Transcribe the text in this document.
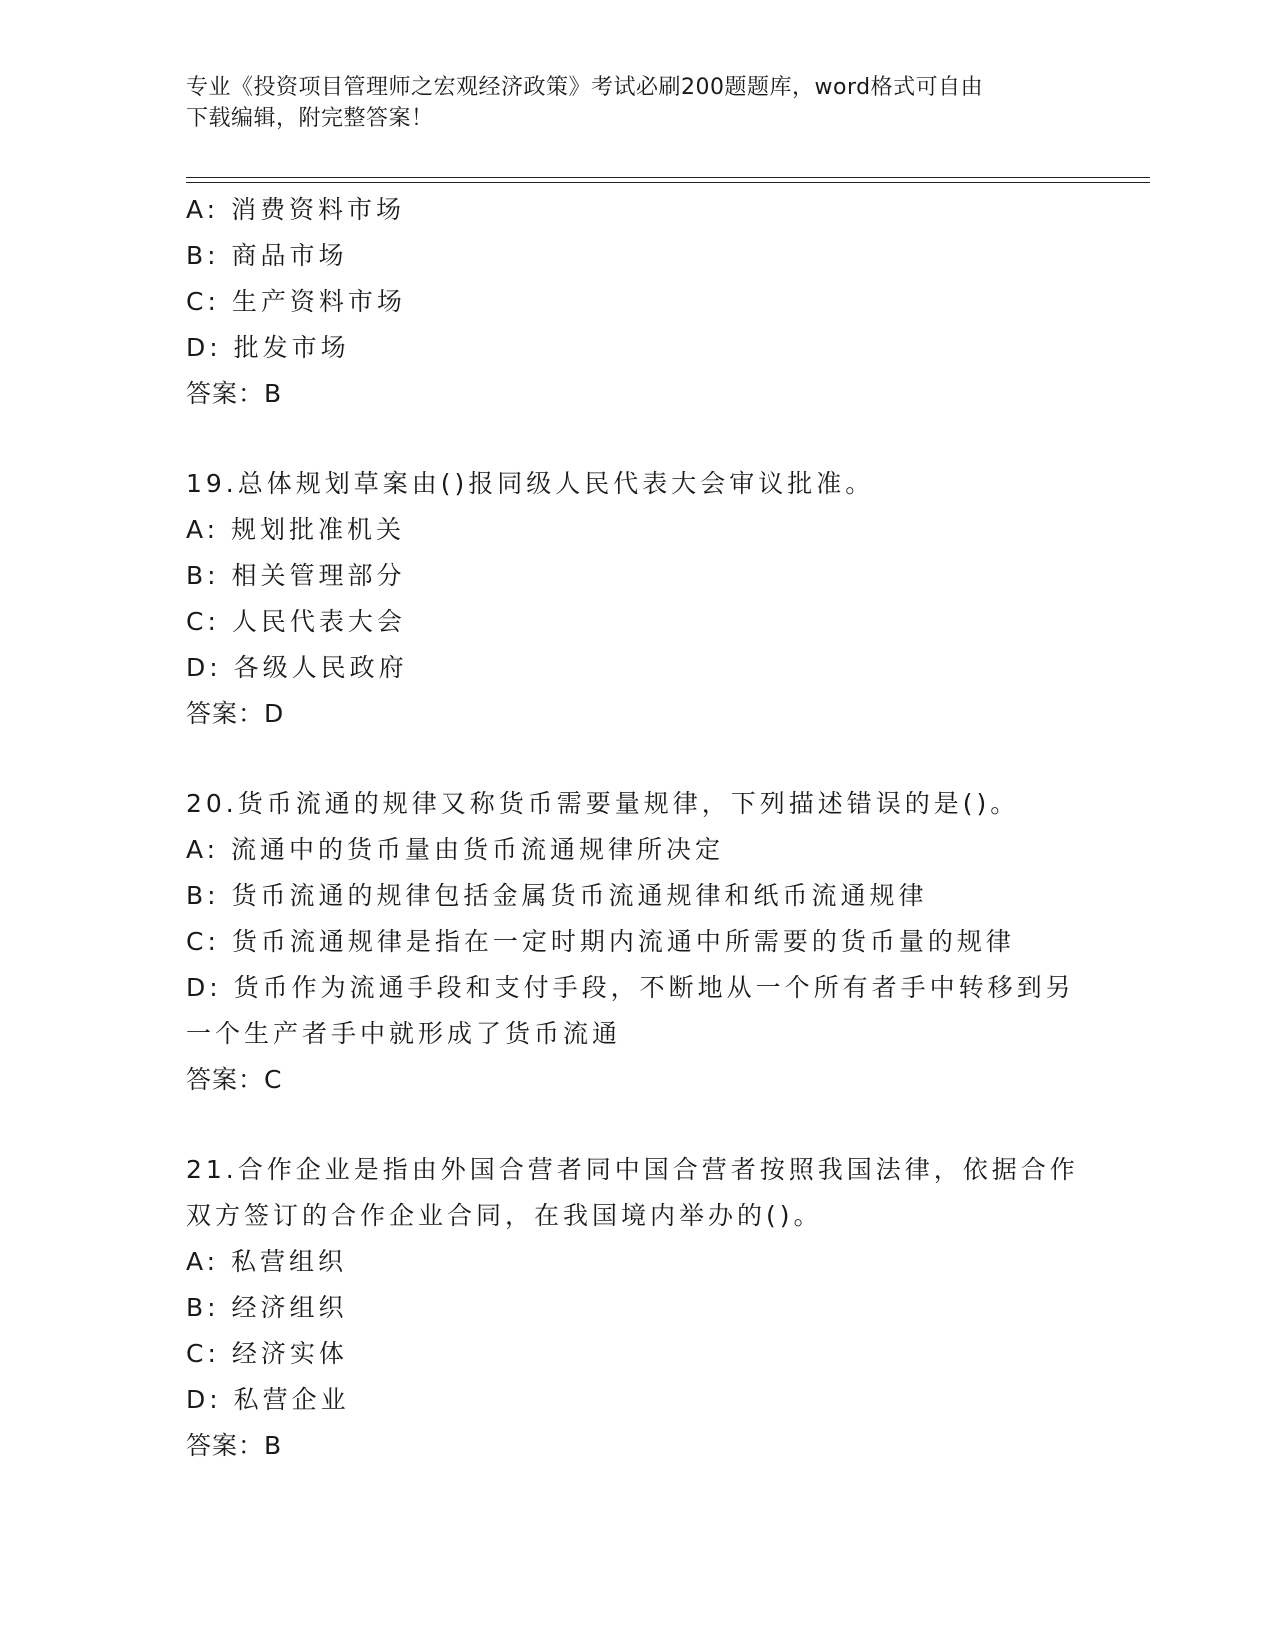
专业《投资项目管理师之宏观经济政策》考试必刷200题题库，word格式可自由
下载编辑，附完整答案！
A: 消费资料市场
B: 商品市场
C: 生产资料市场
D: 批发市场
答案：B
19.总体规划草案由()报同级人民代表大会审议批准。
A: 规划批准机关
B: 相关管理部分
C: 人民代表大会
D: 各级人民政府
答案：D
20.货币流通的规律又称货币需要量规律，下列描述错误的是()。
A: 流通中的货币量由货币流通规律所决定
B: 货币流通的规律包括金属货币流通规律和纸币流通规律
C: 货币流通规律是指在一定时期内流通中所需要的货币量的规律
D: 货币作为流通手段和支付手段，不断地从一个所有者手中转移到另
一个生产者手中就形成了货币流通
答案：C
21.合作企业是指由外国合营者同中国合营者按照我国法律，依据合作
双方签订的合作企业合同，在我国境内举办的()。
A: 私营组织
B: 经济组织
C: 经济实体
D: 私营企业
答案：B
